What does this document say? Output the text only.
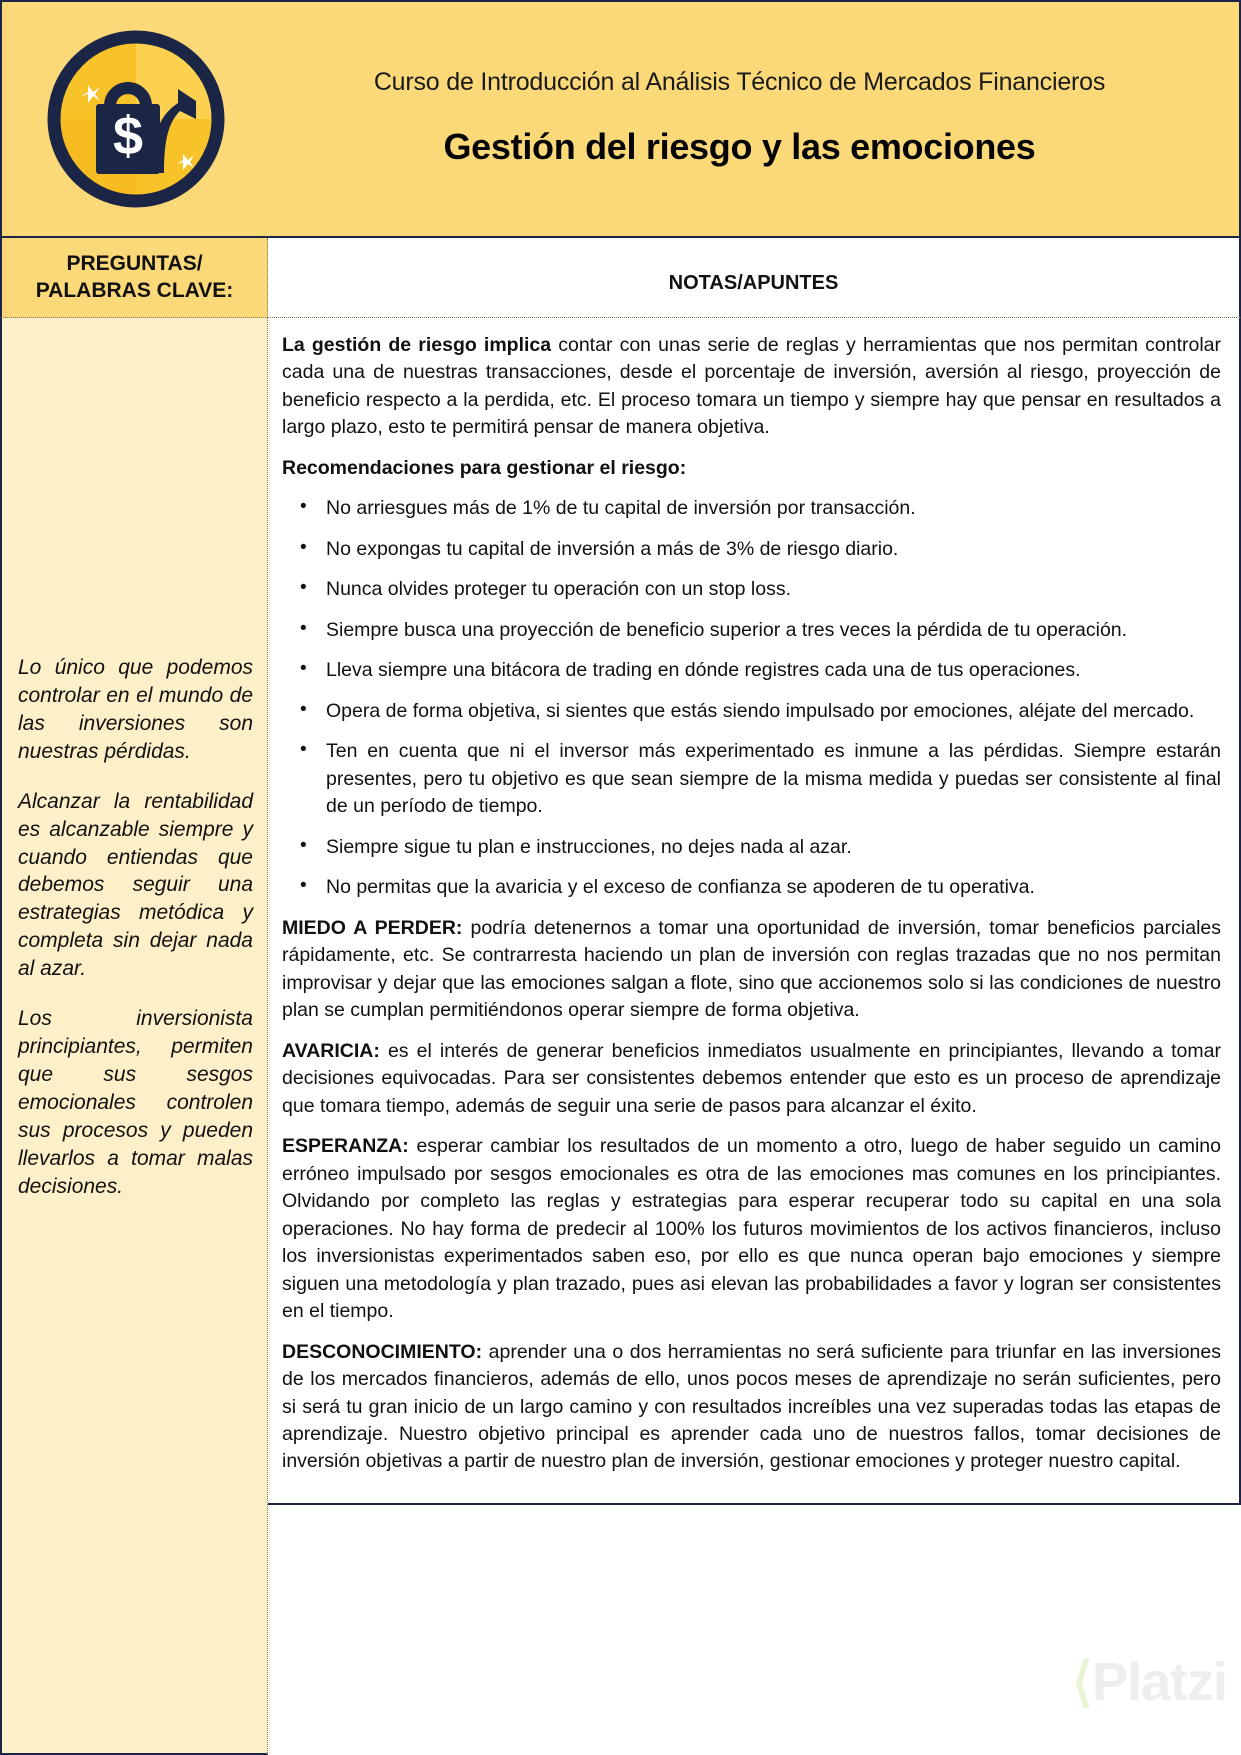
$
Curso de Introducción al Análisis Técnico de Mercados Financieros
Gestión del riesgo y las emociones
PREGUNTAS/
PALABRAS CLAVE:	NOTAS/APUNTES

Lo único que podemos controlar en el mundo de las inversiones son nuestras pérdidas.

Alcanzar la rentabilidad es alcanzable siempre y cuando entiendas que debemos seguir una estrategias metódica y completa sin dejar nada al azar.

Los inversionista principiantes, permiten que sus sesgos emocionales controlen sus procesos y pueden llevarlos a tomar malas decisiones.

La gestión de riesgo implica contar con unas serie de reglas y herramientas que nos permitan controlar cada una de nuestras transacciones, desde el porcentaje de inversión, aversión al riesgo, proyección de beneficio respecto a la perdida, etc. El proceso tomara un tiempo y siempre hay que pensar en resultados a largo plazo, esto te permitirá pensar de manera objetiva.

Recomendaciones para gestionar el riesgo:

• No arriesgues más de 1% de tu capital de inversión por transacción.
• No expongas tu capital de inversión a más de 3% de riesgo diario.
• Nunca olvides proteger tu operación con un stop loss.
• Siempre busca una proyección de beneficio superior a tres veces la pérdida de tu operación.
• Lleva siempre una bitácora de trading en dónde registres cada una de tus operaciones.
• Opera de forma objetiva, si sientes que estás siendo impulsado por emociones, aléjate del mercado.
• Ten en cuenta que ni el inversor más experimentado es inmune a las pérdidas. Siempre estarán presentes, pero tu objetivo es que sean siempre de la misma medida y puedas ser consistente al final de un período de tiempo.
• Siempre sigue tu plan e instrucciones, no dejes nada al azar.
• No permitas que la avaricia y el exceso de confianza se apoderen de tu operativa.

MIEDO A PERDER: podría detenernos a tomar una oportunidad de inversión, tomar beneficios parciales rápidamente, etc. Se contrarresta haciendo un plan de inversión con reglas trazadas que no nos permitan improvisar y dejar que las emociones salgan a flote, sino que accionemos solo si las condiciones de nuestro plan se cumplan permitiéndonos operar siempre de forma objetiva.

AVARICIA: es el interés de generar beneficios inmediatos usualmente en principiantes, llevando a tomar decisiones equivocadas. Para ser consistentes debemos entender que esto es un proceso de aprendizaje que tomara tiempo, además de seguir una serie de pasos para alcanzar el éxito.

ESPERANZA: esperar cambiar los resultados de un momento a otro, luego de haber seguido un camino erróneo impulsado por sesgos emocionales es otra de las emociones mas comunes en los principiantes. Olvidando por completo las reglas y estrategias para esperar recuperar todo su capital en una sola operaciones. No hay forma de predecir al 100% los futuros movimientos de los activos financieros, incluso los inversionistas experimentados saben eso, por ello es que nunca operan bajo emociones y siempre siguen una metodología y plan trazado, pues asi elevan las probabilidades a favor y logran ser consistentes en el tiempo.

DESCONOCIMIENTO: aprender una o dos herramientas no será suficiente para triunfar en las inversiones de los mercados financieros, además de ello, unos pocos meses de aprendizaje no serán suficientes, pero si será tu gran inicio de un largo camino y con resultados increíbles una vez superadas todas las etapas de aprendizaje. Nuestro objetivo principal es aprender cada uno de nuestros fallos, tomar decisiones de inversión objetivas a partir de nuestro plan de inversión, gestionar emociones y proteger nuestro capital.

⟨Platzi
